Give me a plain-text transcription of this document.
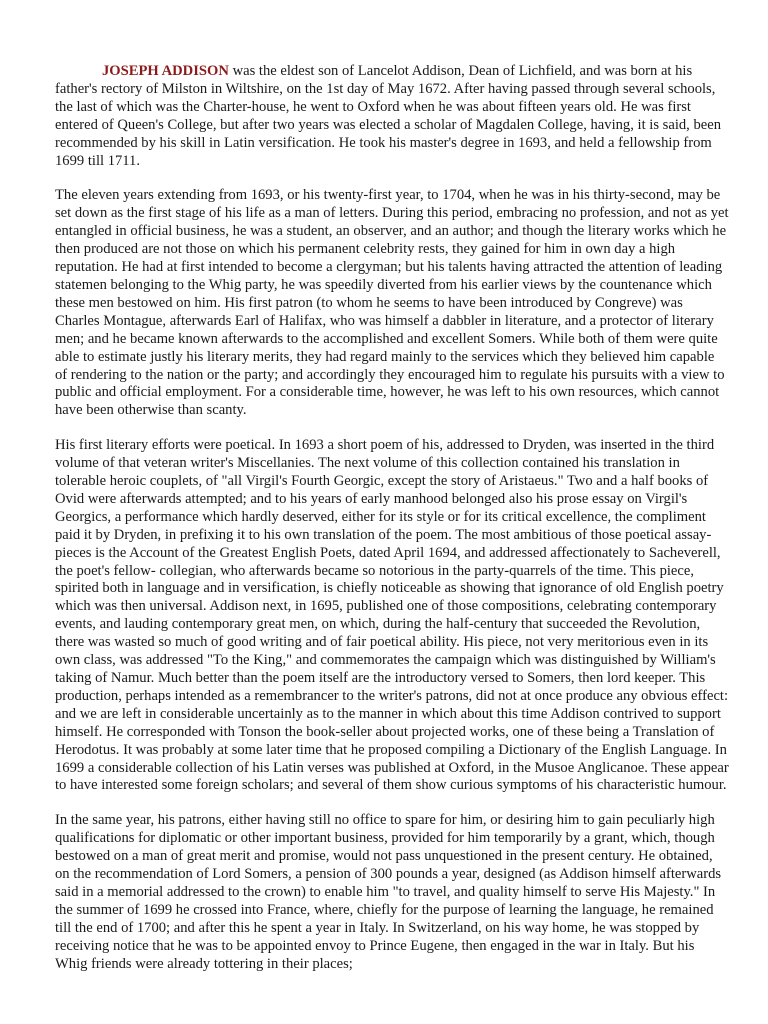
JOSEPH ADDISON was the eldest son of Lancelot Addison, Dean of Lichfield, and was born at his father's rectory of Milston in Wiltshire, on the 1st day of May 1672. After having passed through several schools, the last of which was the Charter-house, he went to Oxford when he was about fifteen years old. He was first entered of Queen's College, but after two years was elected a scholar of Magdalen College, having, it is said, been recommended by his skill in Latin versification. He took his master's degree in 1693, and held a fellowship from 1699 till 1711.

The eleven years extending from 1693, or his twenty-first year, to 1704, when he was in his thirty-second, may be set down as the first stage of his life as a man of letters. During this period, embracing no profession, and not as yet entangled in official business, he was a student, an observer, and an author; and though the literary works which he then produced are not those on which his permanent celebrity rests, they gained for him in own day a high reputation. He had at first intended to become a clergyman; but his talents having attracted the attention of leading statemen belonging to the Whig party, he was speedily diverted from his earlier views by the countenance which these men bestowed on him. His first patron (to whom he seems to have been introduced by Congreve) was Charles Montague, afterwards Earl of Halifax, who was himself a dabbler in literature, and a protector of literary men; and he became known afterwards to the accomplished and excellent Somers. While both of them were quite able to estimate justly his literary merits, they had regard mainly to the services which they believed him capable of rendering to the nation or the party; and accordingly they encouraged him to regulate his pursuits with a view to public and official employment. For a considerable time, however, he was left to his own resources, which cannot have been otherwise than scanty.

His first literary efforts were poetical. In 1693 a short poem of his, addressed to Dryden, was inserted in the third volume of that veteran writer's Miscellanies. The next volume of this collection contained his translation in tolerable heroic couplets, of "all Virgil's Fourth Georgic, except the story of Aristaeus." Two and a half books of Ovid were afterwards attempted; and to his years of early manhood belonged also his prose essay on Virgil's Georgics, a performance which hardly deserved, either for its style or for its critical excellence, the compliment paid it by Dryden, in prefixing it to his own translation of the poem. The most ambitious of those poetical assay-pieces is the Account of the Greatest English Poets, dated April 1694, and addressed affectionately to Sacheverell, the poet's fellow- collegian, who afterwards became so notorious in the party-quarrels of the time. This piece, spirited both in language and in versification, is chiefly noticeable as showing that ignorance of old English poetry which was then universal. Addison next, in 1695, published one of those compositions, celebrating contemporary events, and lauding contemporary great men, on which, during the half-century that succeeded the Revolution, there was wasted so much of good writing and of fair poetical ability. His piece, not very meritorious even in its own class, was addressed "To the King," and commemorates the campaign which was distinguished by William's taking of Namur. Much better than the poem itself are the introductory versed to Somers, then lord keeper. This production, perhaps intended as a remembrancer to the writer's patrons, did not at once produce any obvious effect: and we are left in considerable uncertainly as to the manner in which about this time Addison contrived to support himself. He corresponded with Tonson the book-seller about projected works, one of these being a Translation of Herodotus. It was probably at some later time that he proposed compiling a Dictionary of the English Language. In 1699 a considerable collection of his Latin verses was published at Oxford, in the Musoe Anglicanoe. These appear to have interested some foreign scholars; and several of them show curious symptoms of his characteristic humour.

In the same year, his patrons, either having still no office to spare for him, or desiring him to gain peculiarly high qualifications for diplomatic or other important business, provided for him temporarily by a grant, which, though bestowed on a man of great merit and promise, would not pass unquestioned in the present century. He obtained, on the recommendation of Lord Somers, a pension of 300 pounds a year, designed (as Addison himself afterwards said in a memorial addressed to the crown) to enable him "to travel, and quality himself to serve His Majesty." In the summer of 1699 he crossed into France, where, chiefly for the purpose of learning the language, he remained till the end of 1700; and after this he spent a year in Italy. In Switzerland, on his way home, he was stopped by receiving notice that he was to be appointed envoy to Prince Eugene, then engaged in the war in Italy. But his Whig friends were already tottering in their places;
